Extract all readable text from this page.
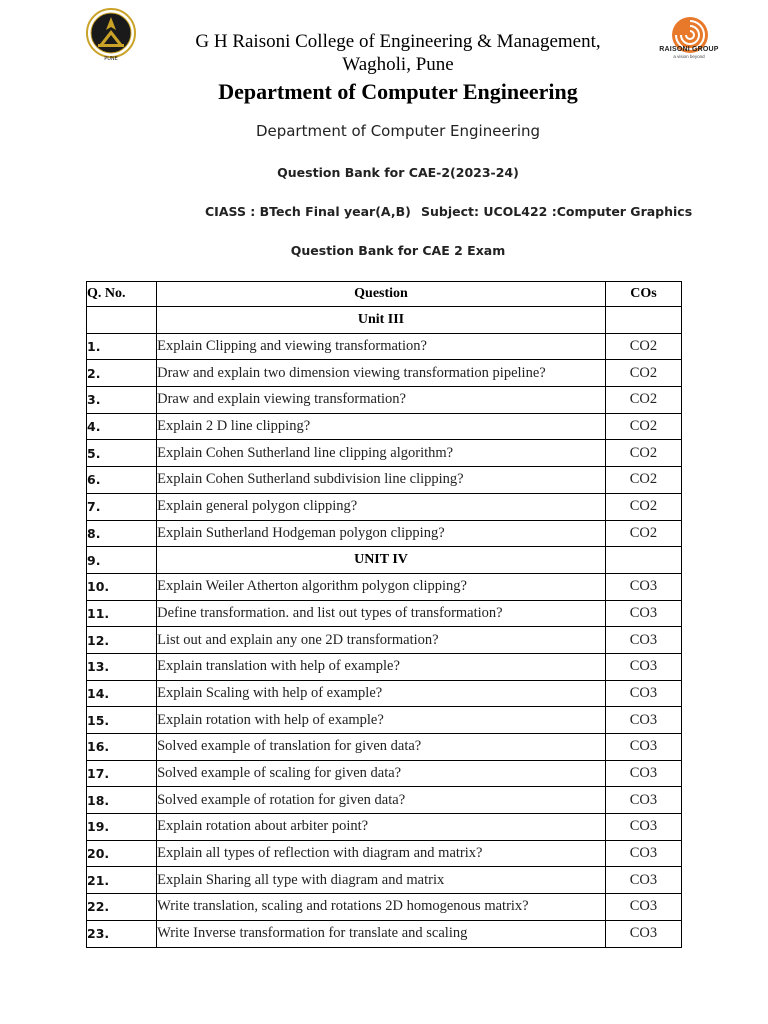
PUNE
RAISONI GROUP
a vision beyond
G H Raisoni College of Engineering & Management,
Wagholi, Pune
Department of Computer Engineering
Department of Computer Engineering
Question Bank for CAE-2(2023-24)
CIASS : BTech Final year(A,B) Subject: UCOL422 :Computer Graphics
Question Bank for CAE 2 Exam
Q. No.	Question	COs
	Unit III	
1.	Explain Clipping and viewing transformation?	CO2
2.	Draw and explain two dimension viewing transformation pipeline?	CO2
3.	Draw and explain viewing transformation?	CO2
4.	Explain 2 D line clipping?	CO2
5.	Explain Cohen Sutherland line clipping algorithm?	CO2
6.	Explain Cohen Sutherland subdivision line clipping?	CO2
7.	Explain general polygon clipping?	CO2
8.	Explain Sutherland Hodgeman polygon clipping?	CO2
9.	UNIT IV	
10.	Explain Weiler Atherton algorithm polygon clipping?	CO3
11.	Define transformation. and list out types of transformation?	CO3
12.	List out and explain any one 2D transformation?	CO3
13.	Explain translation with help of example?	CO3
14.	Explain Scaling with help of example?	CO3
15.	Explain rotation with help of example?	CO3
16.	Solved example of translation for given data?	CO3
17.	Solved example of scaling for given data?	CO3
18.	Solved example of rotation for given data?	CO3
19.	Explain rotation about arbiter point?	CO3
20.	Explain all types of reflection with diagram and matrix?	CO3
21.	Explain Sharing all type with diagram and matrix	CO3
22.	Write translation, scaling and rotations 2D homogenous matrix?	CO3
23.	Write Inverse transformation for translate and scaling	CO3
